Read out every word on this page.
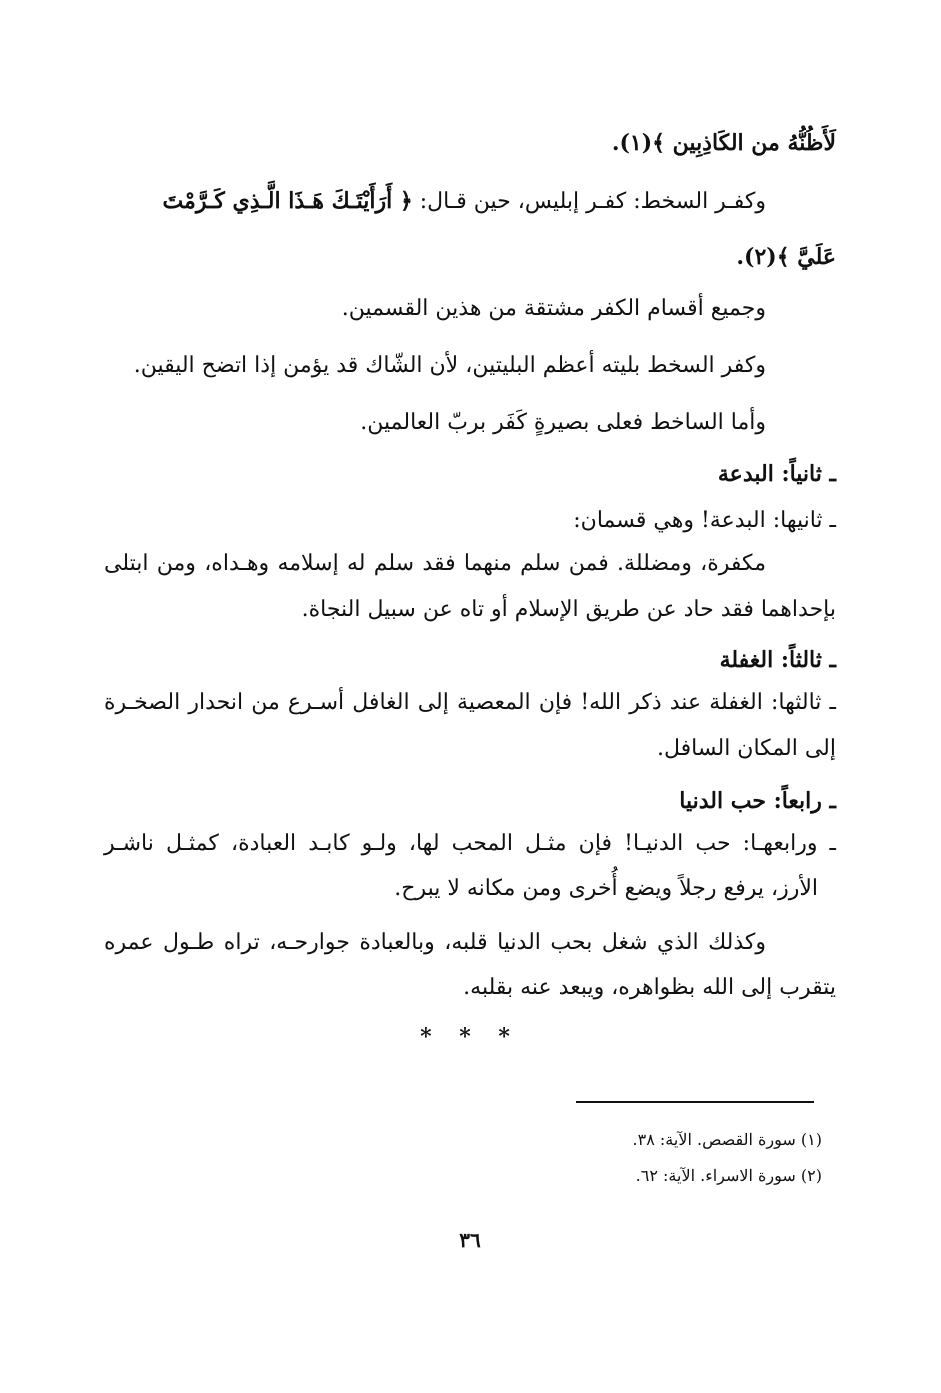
لَأَظُنُّهُ من الكَاذِبِين ﴾(١).
وكفـر السخط: كفـر إبليس، حين قـال: ﴿ أَرَأَيْتَـكَ هَـذَا الَّـذِي كَـرَّمْتَ
عَلَيَّ ﴾(٢).
وجميع أقسام الكفر مشتقة من هذين القسمين.
وكفر السخط بليته أعظم البليتين، لأن الشّاك قد يؤمن إذا اتضح اليقين.
وأما الساخط فعلى بصيرةٍ كَفَر بربّ العالمين.
ـ ثانياً: البدعة
ـ ثانيها: البدعة! وهي قسمان:
مكفرة، ومضللة. فمن سلم منهما فقد سلم له إسلامه وهـداه، ومن ابتلى
بإحداهما فقد حاد عن طريق الإسلام أو تاه عن سبيل النجاة.
ـ ثالثاً: الغفلة
ـ ثالثها: الغفلة عند ذكر الله! فإن المعصية إلى الغافل أسـرع من انحدار الصخـرة
إلى المكان السافل.
ـ رابعاً: حب الدنيا
ـ ورابعهـا: حب الدنيـا! فإن مثـل المحب لها، ولـو كابـد العبادة، كمثـل ناشـر
الأرز، يرفع رجلاً ويضع أُخرى ومن مكانه لا يبرح.
وكذلك الذي شغل بحب الدنيا قلبه، وبالعبادة جوارحـه، تراه طـول عمره
يتقرب إلى الله بظواهره، ويبعد عنه بقلبه.
* * *
(١) سورة القصص. الآية: ٣٨.
(٢) سورة الاسراء. الآية: ٦٢.
٣٦
